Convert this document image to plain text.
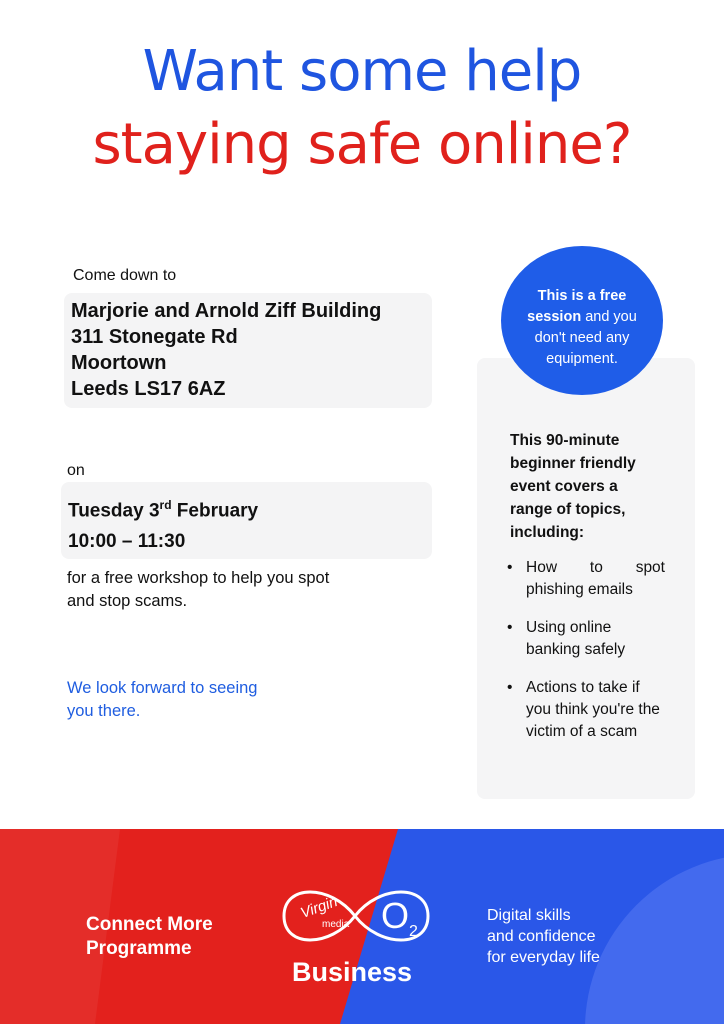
Want some help
staying safe online?
Come down to
Marjorie and Arnold Ziff Building
311 Stonegate Rd
Moortown
Leeds LS17 6AZ
on
Tuesday 3rd February
10:00 – 11:30
for a free workshop to help you spot
and stop scams.
We look forward to seeing
you there.
This 90-minute
beginner friendly
event covers a
range of topics,
including:
• How to spot phishing emails
• Using online banking safely
• Actions to take if you think you're the victim of a scam
This is a free
session and you
don't need any
equipment.
Virgin
media $O_2$
Connect More
Programme
Business
Digital skills
and confidence
for everyday life
